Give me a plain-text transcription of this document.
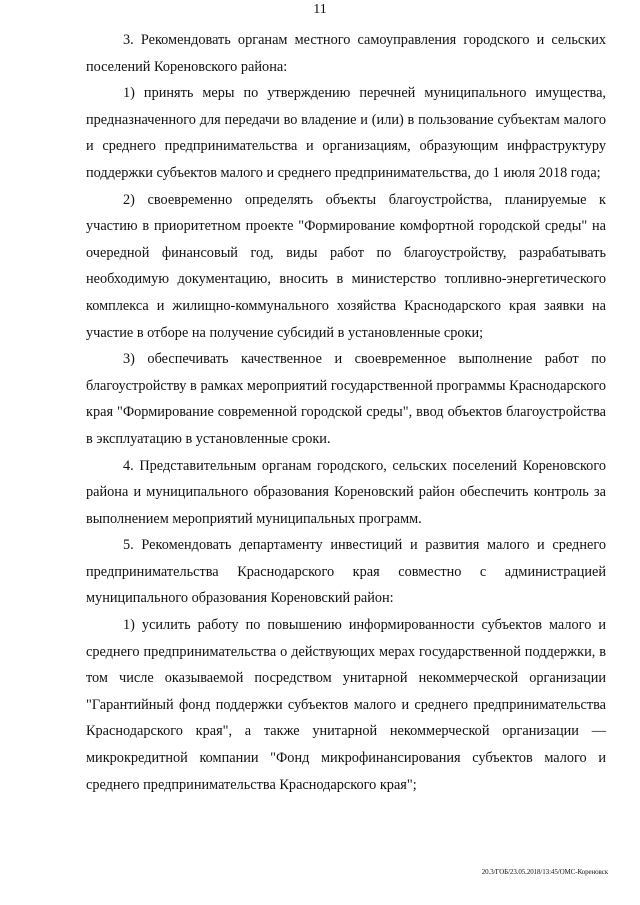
11

3. Рекомендовать органам местного самоуправления городского и сельских поселений Кореновского района:

1) принять меры по утверждению перечней муниципального имущества, предназначенного для передачи во владение и (или) в пользование субъектам малого и среднего предпринимательства и организациям, образующим инфраструктуру поддержки субъектов малого и среднего предпринимательства, до 1 июля 2018 года;

2) своевременно определять объекты благоустройства, планируемые к участию в приоритетном проекте "Формирование комфортной городской среды" на очередной финансовый год, виды работ по благоустройству, разрабатывать необходимую документацию, вносить в министерство топливно-энергетического комплекса и жилищно-коммунального хозяйства Краснодарского края заявки на участие в отборе на получение субсидий в установленные сроки;

3) обеспечивать качественное и своевременное выполнение работ по благоустройству в рамках мероприятий государственной программы Краснодарского края "Формирование современной городской среды", ввод объектов благоустройства в эксплуатацию в установленные сроки.

4. Представительным органам городского, сельских поселений Кореновского района и муниципального образования Кореновский район обеспечить контроль за выполнением мероприятий муниципальных программ.

5. Рекомендовать департаменту инвестиций и развития малого и среднего предпринимательства Краснодарского края совместно с администрацией муниципального образования Кореновский район:

1) усилить работу по повышению информированности субъектов малого и среднего предпринимательства о действующих мерах государственной поддержки, в том числе оказываемой посредством унитарной некоммерческой организации "Гарантийный фонд поддержки субъектов малого и среднего предпринимательства Краснодарского края", а также унитарной некоммерческой организации — микрокредитной компании "Фонд микрофинансирования субъектов малого и среднего предпринимательства Краснодарского края";

20.3/ГОБ/23.05.2018/13:45/ОМС-Кореновск
